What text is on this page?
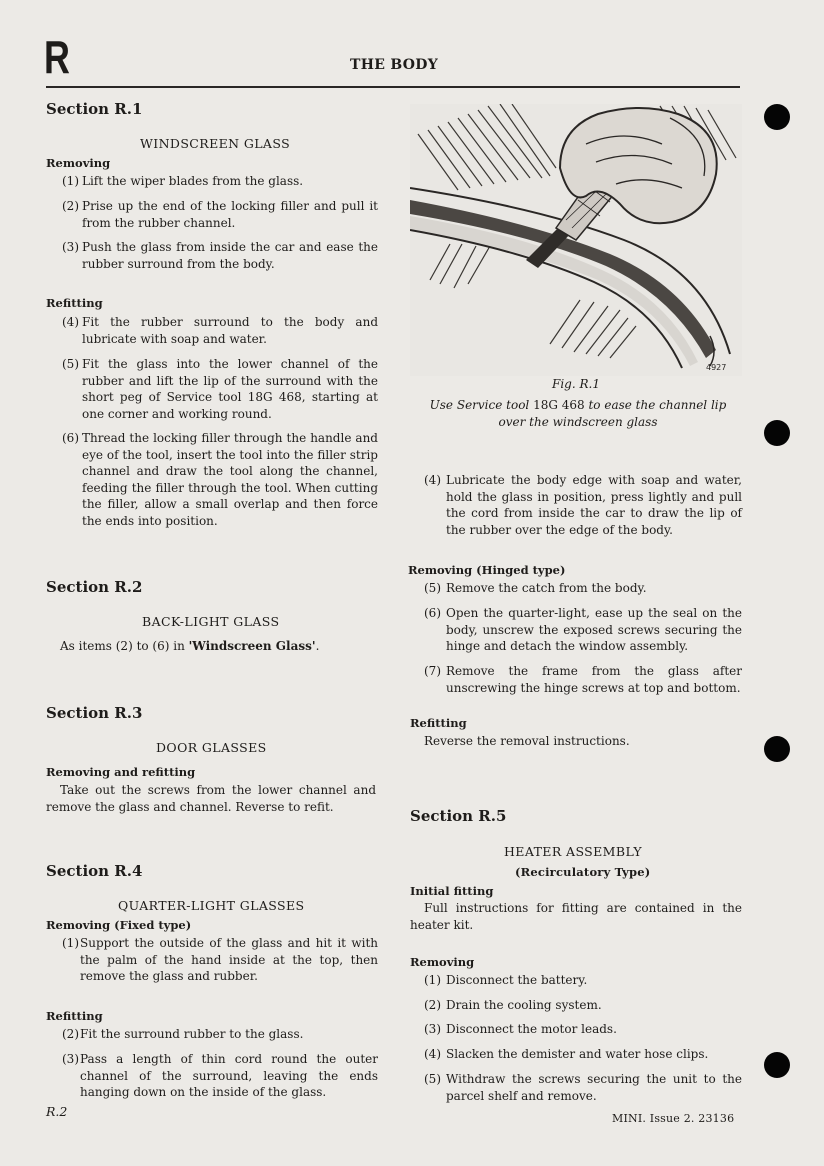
R	THE BODY
Section R.1
WINDSCREEN GLASS
Removing
(1) Lift the wiper blades from the glass.
(2) Prise up the end of the locking filler and pull it from the rubber channel.
(3) Push the glass from inside the car and ease the rubber surround from the body.
Refitting
(4) Fit the rubber surround to the body and lubricate with soap and water.
(5) Fit the glass into the lower channel of the rubber and lift the lip of the surround with the short peg of Service tool 18G 468, starting at one corner and working round.
(6) Thread the locking filler through the handle and eye of the tool, insert the tool into the filler strip channel and draw the tool along the channel, feeding the filler through the tool. When cutting the filler, allow a small overlap and then force the ends into position.
Section R.2
BACK-LIGHT GLASS
As items (2) to (6) in 'Windscreen Glass'.
Section R.3
DOOR GLASSES
Removing and refitting
Take out the screws from the lower channel and remove the glass and channel. Reverse to refit.
Section R.4
QUARTER-LIGHT GLASSES
Removing (Fixed type)
(1) Support the outside of the glass and hit it with the palm of the hand inside at the top, then remove the glass and rubber.
Refitting
(2) Fit the surround rubber to the glass.
(3) Pass a length of thin cord round the outer channel of the surround, leaving the ends hanging down on the inside of the glass.
4927
Fig. R.1
Use Service tool 18G 468 to ease the channel lip over the windscreen glass
(4) Lubricate the body edge with soap and water, hold the glass in position, press lightly and pull the cord from inside the car to draw the lip of the rubber over the edge of the body.
Removing (Hinged type)
(5) Remove the catch from the body.
(6) Open the quarter-light, ease up the seal on the body, unscrew the exposed screws securing the hinge and detach the window assembly.
(7) Remove the frame from the glass after unscrewing the hinge screws at top and bottom.
Refitting
Reverse the removal instructions.
Section R.5
HEATER ASSEMBLY
(Recirculatory Type)
Initial fitting
Full instructions for fitting are contained in the heater kit.
Removing
(1) Disconnect the battery.
(2) Drain the cooling system.
(3) Disconnect the motor leads.
(4) Slacken the demister and water hose clips.
(5) Withdraw the screws securing the unit to the parcel shelf and remove.
R.2	MINI. Issue 2. 23136
